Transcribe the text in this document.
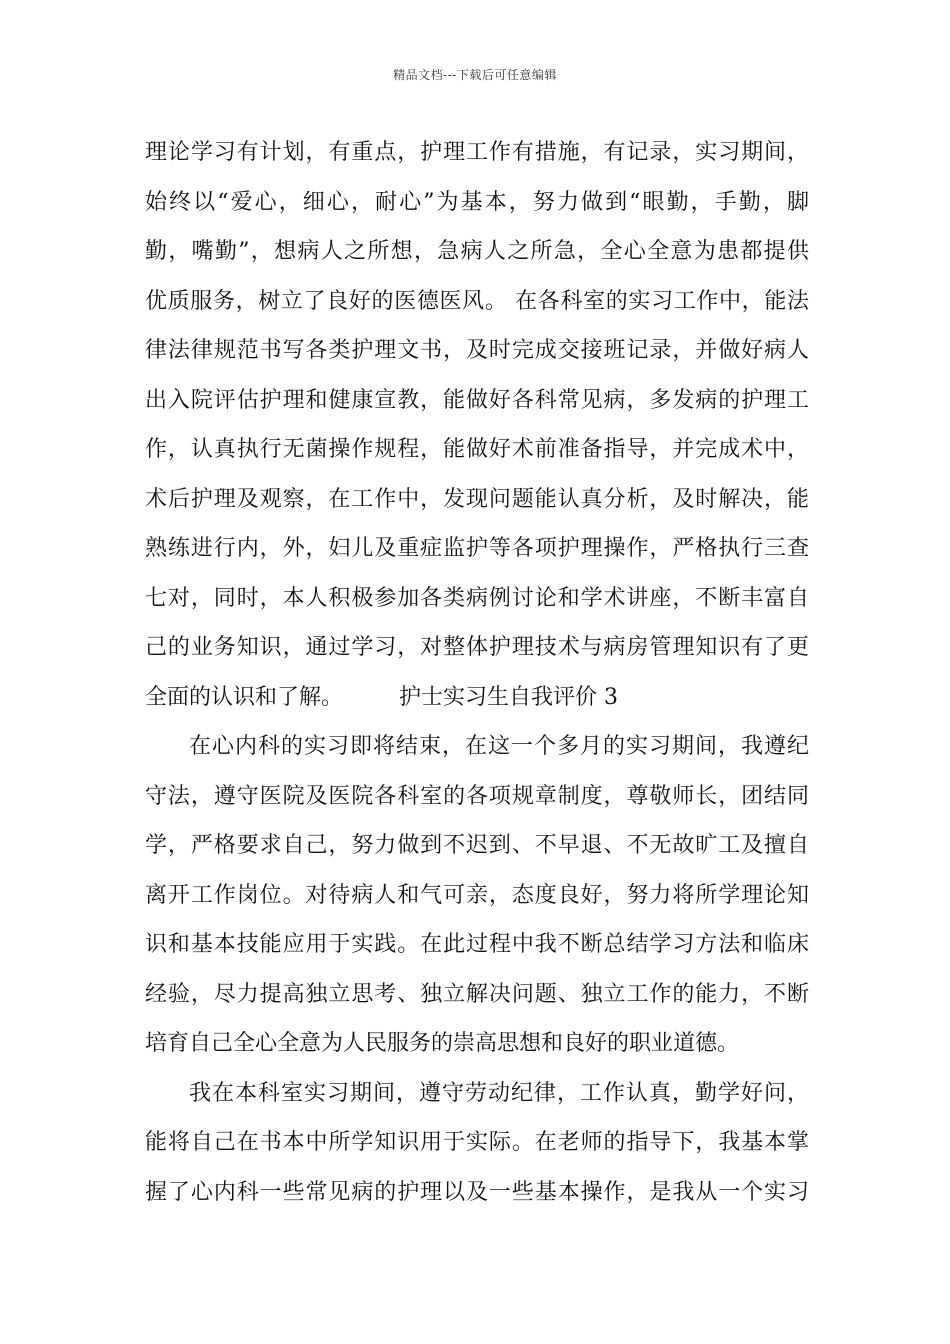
精品文档---下载后可任意编辑
理论学习有计划，有重点，护理工作有措施，有记录，实习期间，
始终以“爱心，细心，耐心”为基本，努力做到“眼勤，手勤，脚
勤，嘴勤”，想病人之所想，急病人之所急，全心全意为患都提供
优质服务，树立了良好的医德医风。 在各科室的实习工作中，能法
律法律规范书写各类护理文书，及时完成交接班记录，并做好病人
出入院评估护理和健康宣教，能做好各科常见病，多发病的护理工
作，认真执行无菌操作规程，能做好术前准备指导，并完成术中，
术后护理及观察，在工作中，发现问题能认真分析，及时解决，能
熟练进行内，外，妇儿及重症监护等各项护理操作，严格执行三查
七对，同时，本人积极参加各类病例讨论和学术讲座，不断丰富自
己的业务知识，通过学习，对整体护理技术与病房管理知识有了更
全面的认识和了解。	护士实习生自我评价 3
在心内科的实习即将结束，在这一个多月的实习期间，我遵纪
守法，遵守医院及医院各科室的各项规章制度，尊敬师长，团结同
学，严格要求自己，努力做到不迟到、不早退、不无故旷工及擅自
离开工作岗位。对待病人和气可亲，态度良好，努力将所学理论知
识和基本技能应用于实践。在此过程中我不断总结学习方法和临床
经验，尽力提高独立思考、独立解决问题、独立工作的能力，不断
培育自己全心全意为人民服务的崇高思想和良好的职业道德。
我在本科室实习期间，遵守劳动纪律，工作认真，勤学好问，
能将自己在书本中所学知识用于实际。在老师的指导下，我基本掌
握了心内科一些常见病的护理以及一些基本操作，是我从一个实习
